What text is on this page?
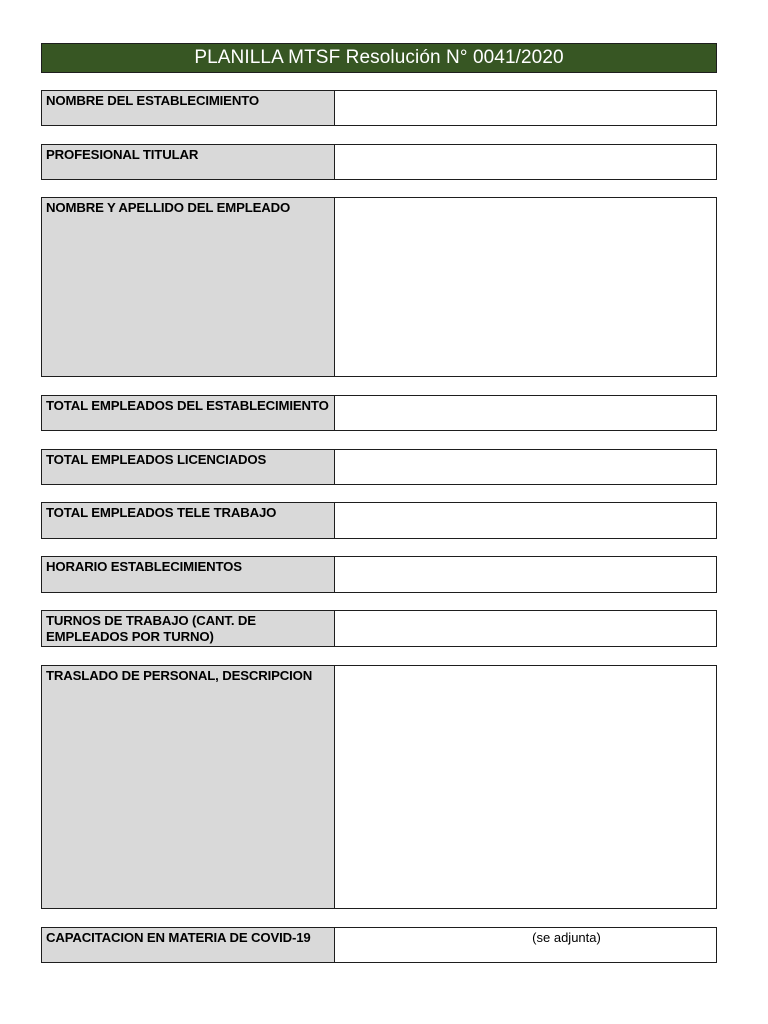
PLANILLA MTSF Resolución N° 0041/2020
NOMBRE DEL ESTABLECIMIENTO
PROFESIONAL TITULAR
NOMBRE Y APELLIDO DEL EMPLEADO
TOTAL EMPLEADOS DEL ESTABLECIMIENTO
TOTAL EMPLEADOS LICENCIADOS
TOTAL EMPLEADOS TELE TRABAJO
HORARIO ESTABLECIMIENTOS
TURNOS DE TRABAJO (CANT. DE EMPLEADOS POR TURNO)
TRASLADO DE PERSONAL, DESCRIPCION
CAPACITACION EN MATERIA DE COVID-19	(se adjunta)
